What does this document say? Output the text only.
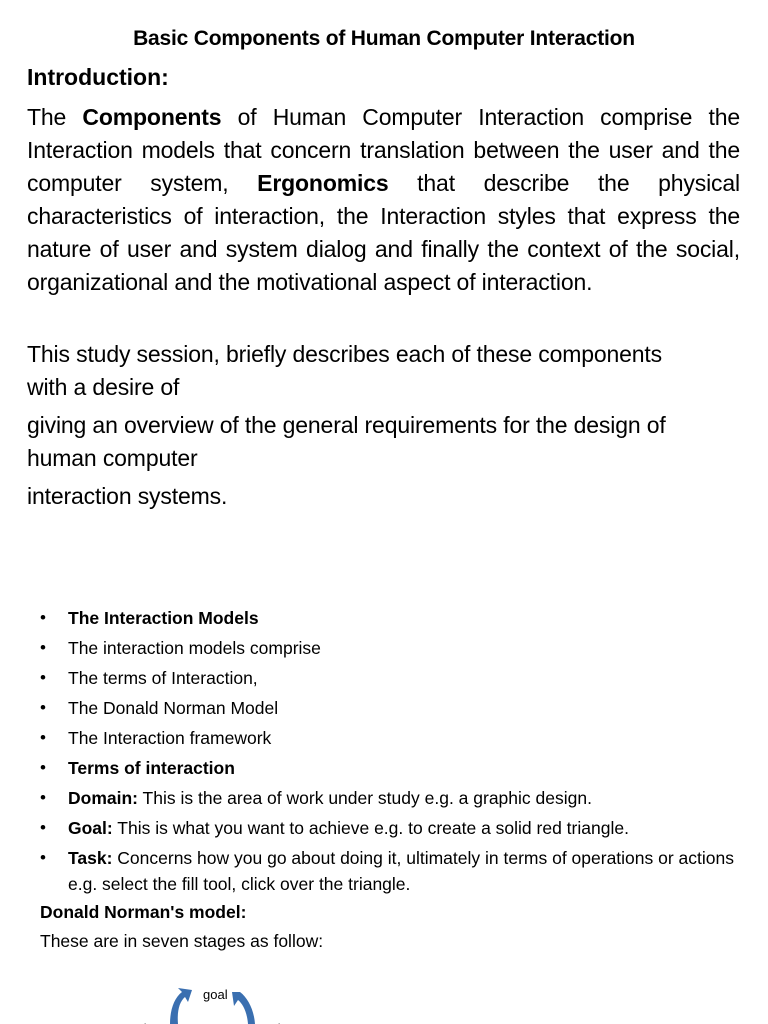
Basic Components of Human Computer Interaction
Introduction:
The Components of Human Computer Interaction comprise the Interaction models that concern translation between the user and the computer system, Ergonomics that describe the physical characteristics of interaction, the Interaction styles that express the nature of user and system dialog and finally the context of the social, organizational and the motivational aspect of interaction.
This study session, briefly describes each of these components
with a desire of
giving an overview of the general requirements for the design of human computer
interaction systems.
• The Interaction Models
• The interaction models comprise
• The terms of Interaction,
• The Donald Norman Model
• The Interaction framework
• Terms of interaction
• Domain: This is the area of work under study e.g. a graphic design.
• Goal: This is what you want to achieve e.g. to create a solid red triangle.
• Task: Concerns how you go about doing it, ultimately in terms of operations or actions e.g. select the fill tool, click over the triangle.
Donald Norman's model:
These are in seven stages as follow:
goal
.	.
